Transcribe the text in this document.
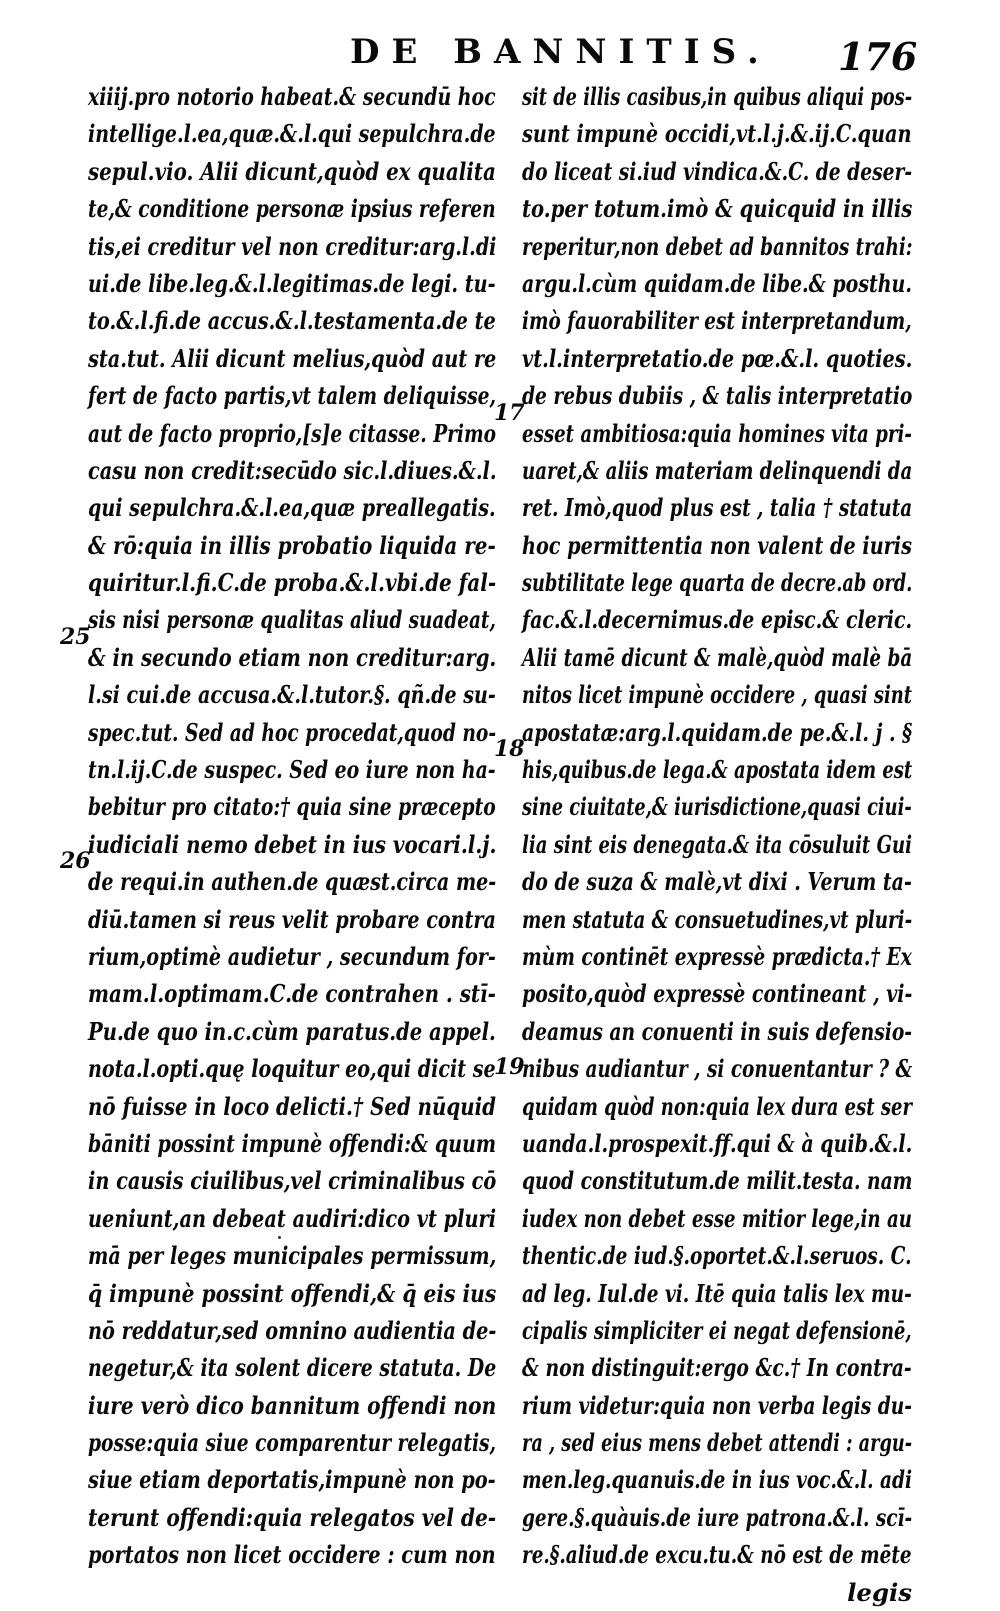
DE BANNITIS. 176
xiiij.pro notorio habeat.& secundū hoc
intellige.l.ea,quæ.&.l.qui sepulchra.de
sepul.vio. Alii dicunt,quòd ex qualita
te,& conditione personæ ipsius referen
tis,ei creditur vel non creditur:arg.l.di
ui.de libe.leg.&.l.legitimas.de legi. tu-
to.&.l.fi.de accus.&.l.testamenta.de te
sta.tut. Alii dicunt melius,quòd aut re
fert de facto partis,vt talem deliquisse,
aut de facto proprio,[s]e citasse. Primo
casu non credit:secūdo sic.l.diues.&.l.
qui sepulchra.&.l.ea,quæ preallegatis.
& rō:quia in illis probatio liquida re-
quiritur.l.fi.C.de proba.&.l.vbi.de fal-
sis nisi personæ qualitas aliud suadeat,
& in secundo etiam non creditur:arg.
l.si cui.de accusa.&.l.tutor.§. qñ.de su-
spec.tut. Sed ad hoc procedat,quod no-
tn.l.ij.C.de suspec. Sed eo iure non ha-
bebitur pro citato:† quia sine præcepto
iudiciali nemo debet in ius vocari.l.j.
de requi.in authen.de quæst.circa me-
diū.tamen si reus velit probare contra
rium,optimè audietur , secundum for-
mam.l.optimam.C.de contrahen . stī-
Pu.de quo in.c.cùm paratus.de appel.
nota.l.opti.quę loquitur eo,qui dicit se
nō fuisse in loco delicti.† Sed nūquid
bāniti possint impunè offendi:& quum
in causis ciuilibus,vel criminalibus cō
ueniunt,an debeat audiri:dico vt pluri
mā per leges municipales permissum,
q̄ impunè possint offendi,& q̄ eis ius
nō reddatur,sed omnino audientia de-
negetur,& ita solent dicere statuta. De
iure verò dico bannitum offendi non
posse:quia siue comparentur relegatis,
siue etiam deportatis,impunè non po-
terunt offendi:quia relegatos vel de-
portatos non licet occidere : cum non
sit de illis casibus,in quibus aliqui pos-
sunt impunè occidi,vt.l.j.&.ij.C.quan
do liceat si.iud vindica.&.C. de deser-
to.per totum.imò & quicquid in illis
reperitur,non debet ad bannitos trahi:
argu.l.cùm quidam.de libe.& posthu.
imò fauorabiliter est interpretandum,
vt.l.interpretatio.de pœ.&.l. quoties.
de rebus dubiis , & talis interpretatio
esset ambitiosa:quia homines vita pri-
uaret,& aliis materiam delinquendi da
ret. Imò,quod plus est , talia † statuta
hoc permittentia non valent de iuris
subtilitate lege quarta de decre.ab ord.
fac.&.l.decernimus.de episc.& cleric.
Alii tamē dicunt & malè,quòd malè bā
nitos licet impunè occidere , quasi sint
apostatæ:arg.l.quidam.de pe.&.l. j . §
his,quibus.de lega.& apostata idem est
sine ciuitate,& iurisdictione,quasi ciui-
lia sint eis denegata.& ita cōsuluit Gui
do de suza & malè,vt dixi . Verum ta-
men statuta & consuetudines,vt pluri-
mùm continēt expressè prædicta.† Ex
posito,quòd expressè contineant , vi-
deamus an conuenti in suis defensio-
nibus audiantur , si conuentantur ? &
quidam quòd non:quia lex dura est ser
uanda.l.prospexit.ff.qui & à quib.&.l.
quod constitutum.de milit.testa. nam
iudex non debet esse mitior lege,in au
thentic.de iud.§.oportet.&.l.seruos. C.
ad leg. Iul.de vi. Itē quia talis lex mu-
cipalis simpliciter ei negat defensionē,
& non distinguit:ergo &c.† In contra-
rium videtur:quia non verba legis du-
ra , sed eius mens debet attendi : argu-
men.leg.quanuis.de in ius voc.&.l. adi
gere.§.quàuis.de iure patrona.&.l. scī-
re.§.aliud.de excu.tu.& nō est de mēte
legis
25
26
17
18
19
